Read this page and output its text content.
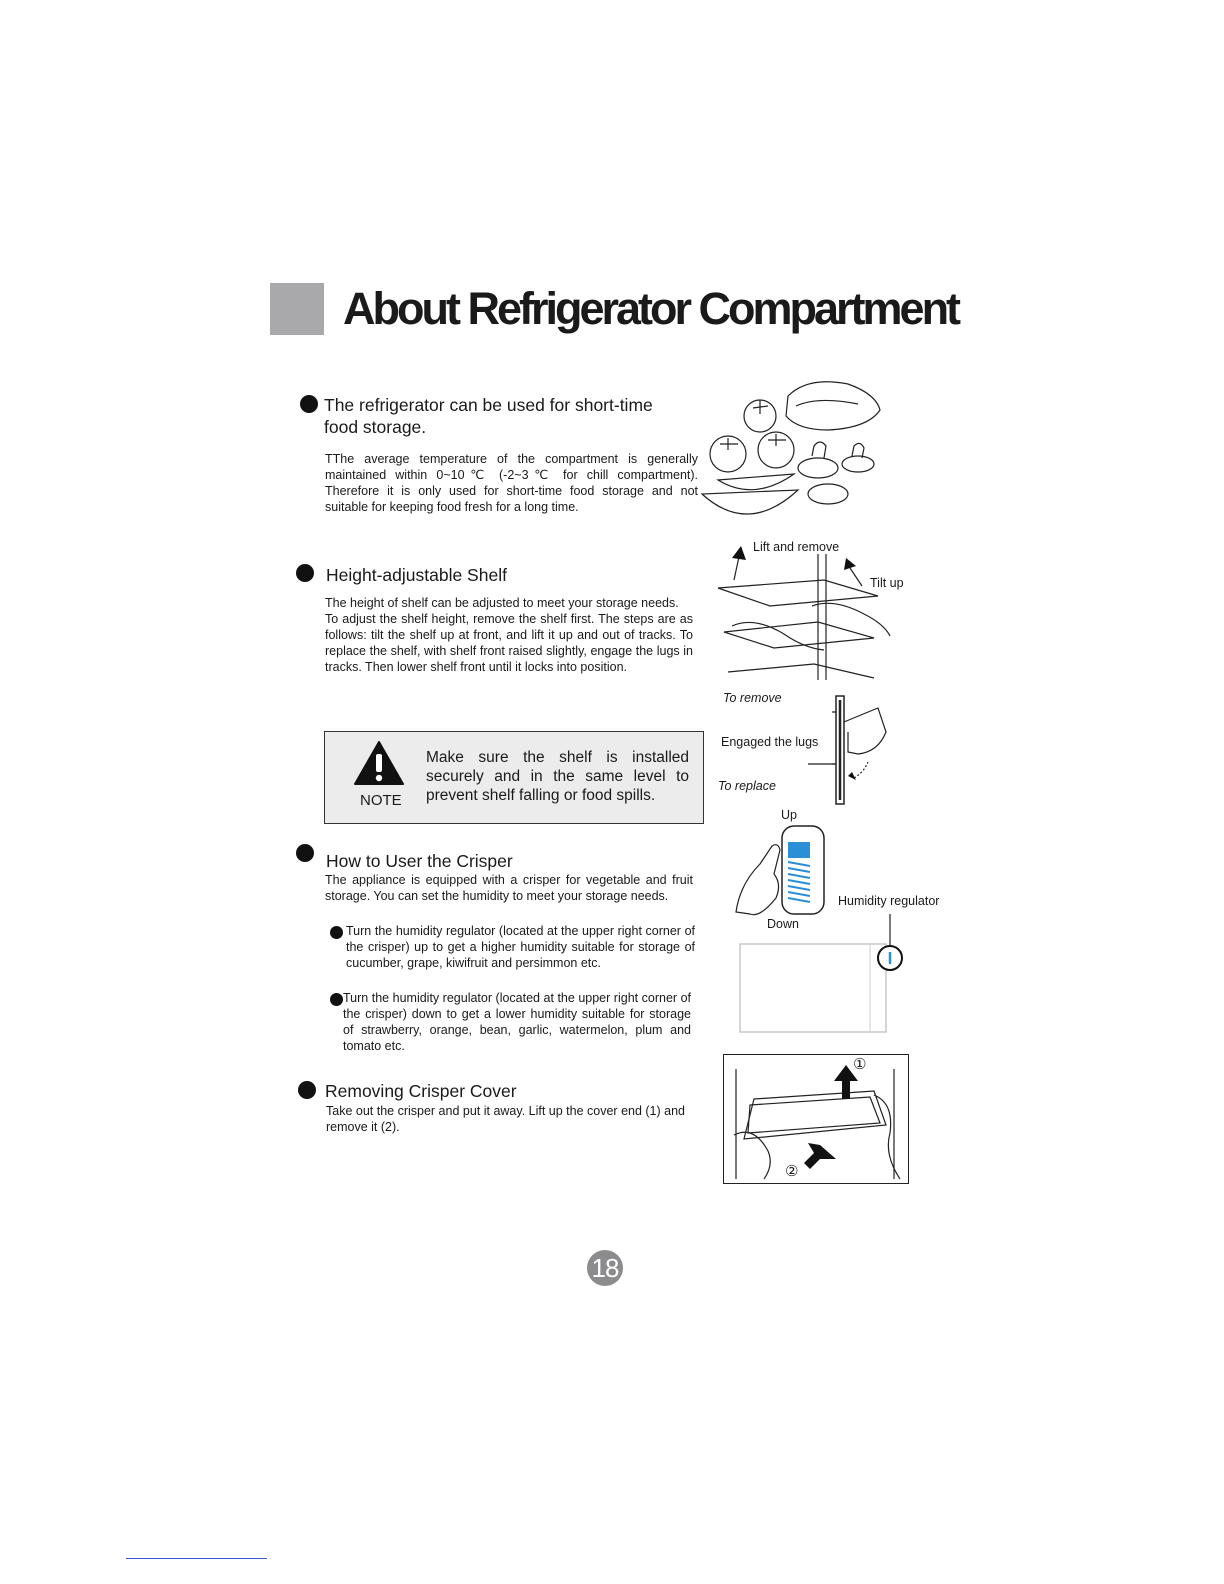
About Refrigerator Compartment
The refrigerator can be used for short-time
food storage.
TThe average temperature of the compartment is generally maintained within 0~10℃ (-2~3℃ for chill compartment). Therefore it is only used for short-time food storage and not suitable for keeping food fresh for a long time.
Height-adjustable Shelf
The height of shelf can be adjusted to meet your storage needs.
To adjust the shelf height, remove the shelf first. The steps are as follows: tilt the shelf up at front, and lift it up and out of tracks. To replace the shelf, with shelf front raised slightly, engage the lugs in tracks. Then lower shelf front until it locks into position.
Lift and remove
Tilt up
To remove
Engaged the lugs
To replace
NOTE
Make sure the shelf is installed securely and in the same level to prevent shelf falling or food spills.
How to User the Crisper
The appliance is equipped with a crisper for vegetable and fruit storage. You can set the humidity to meet your storage needs.
Turn the humidity regulator (located at the upper right corner of the crisper) up to get a higher humidity suitable for storage of cucumber, grape, kiwifruit and persimmon etc.
Turn the humidity regulator (located at the upper right corner of the crisper) down to get a lower humidity suitable for storage of strawberry, orange, bean, garlic, watermelon, plum and tomato etc.
Up
Down
Humidity regulator
Removing Crisper Cover
Take out the crisper and put it away. Lift up the cover end (1) and remove it (2).
①
②
18
